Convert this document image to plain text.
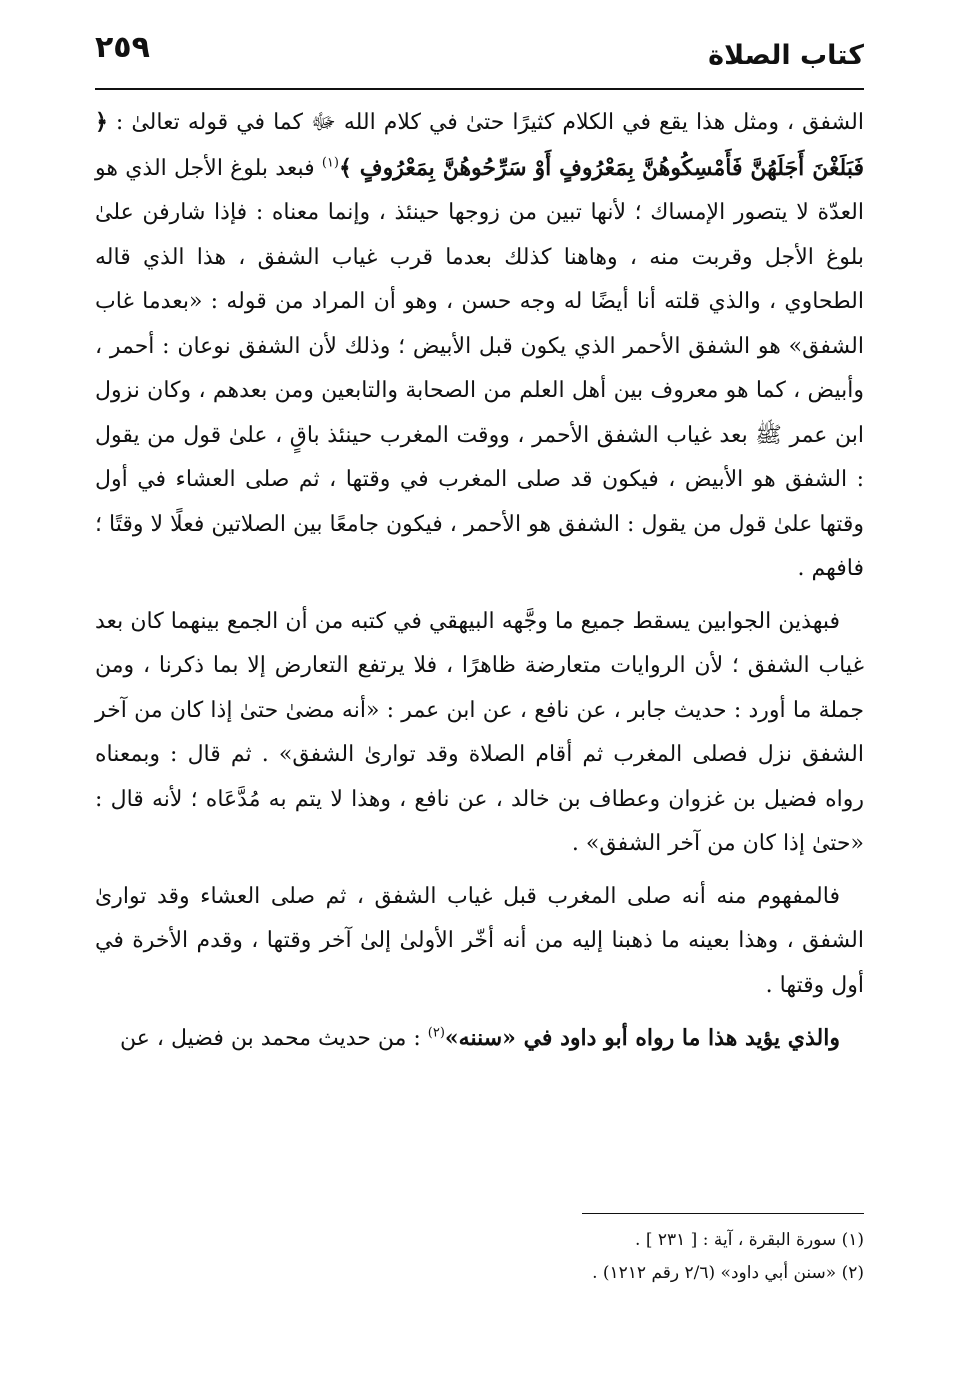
كتاب الصلاة
٢٥٩

الشفق ، ومثل هذا يقع في الكلام كثيرًا حتىٰ في كلام الله ﷻ كما في قوله تعالىٰ : ﴿ فَبَلَغْنَ أَجَلَهُنَّ فَأَمْسِكُوهُنَّ بِمَعْرُوفٍ أَوْ سَرِّحُوهُنَّ بِمَعْرُوفٍ ﴾$^{(١)}$ فبعد بلوغ الأجل الذي هو العدّة لا يتصور الإمساك ؛ لأنها تبين من زوجها حينئذ ، وإنما معناه : فإذا شارفن علىٰ بلوغ الأجل وقربت منه ، وهاهنا كذلك بعدما قرب غياب الشفق ، هذا الذي قاله الطحاوي ، والذي قلته أنا أيضًا له وجه حسن ، وهو أن المراد من قوله : «بعدما غاب الشفق» هو الشفق الأحمر الذي يكون قبل الأبيض ؛ وذلك لأن الشفق نوعان : أحمر ، وأبيض ، كما هو معروف بين أهل العلم من الصحابة والتابعين ومن بعدهم ، وكان نزول ابن عمر ﷺ بعد غياب الشفق الأحمر ، ووقت المغرب حينئذ باقٍ ، علىٰ قول من يقول : الشفق هو الأبيض ، فيكون قد صلى المغرب في وقتها ، ثم صلى العشاء في أول وقتها علىٰ قول من يقول : الشفق هو الأحمر ، فيكون جامعًا بين الصلاتين فعلًا لا وقتًا ؛ فافهم .

فبهذين الجوابين يسقط جميع ما وجَّهه البيهقي في كتبه من أن الجمع بينهما كان بعد غياب الشفق ؛ لأن الروايات متعارضة ظاهرًا ، فلا يرتفع التعارض إلا بما ذكرنا ، ومن جملة ما أورد : حديث جابر ، عن نافع ، عن ابن عمر : «أنه مضىٰ حتىٰ إذا كان من آخر الشفق نزل فصلى المغرب ثم أقام الصلاة وقد توارىٰ الشفق» . ثم قال : وبمعناه رواه فضيل بن غزوان وعطاف بن خالد ، عن نافع ، وهذا لا يتم به مُدَّعَاه ؛ لأنه قال : «حتىٰ إذا كان من آخر الشفق» .

فالمفهوم منه أنه صلى المغرب قبل غياب الشفق ، ثم صلى العشاء وقد توارىٰ الشفق ، وهذا بعينه ما ذهبنا إليه من أنه أخّر الأولىٰ إلىٰ آخر وقتها ، وقدم الأخرة في أول وقتها .

والذي يؤيد هذا ما رواه أبو داود في «سننه»$^{(٢)}$ : من حديث محمد بن فضيل ، عن

(١) سورة البقرة ، آية : [ ٢٣١ ] .
(٢) «سنن أبي داود» (٢/٦ رقم ١٢١٢) .
